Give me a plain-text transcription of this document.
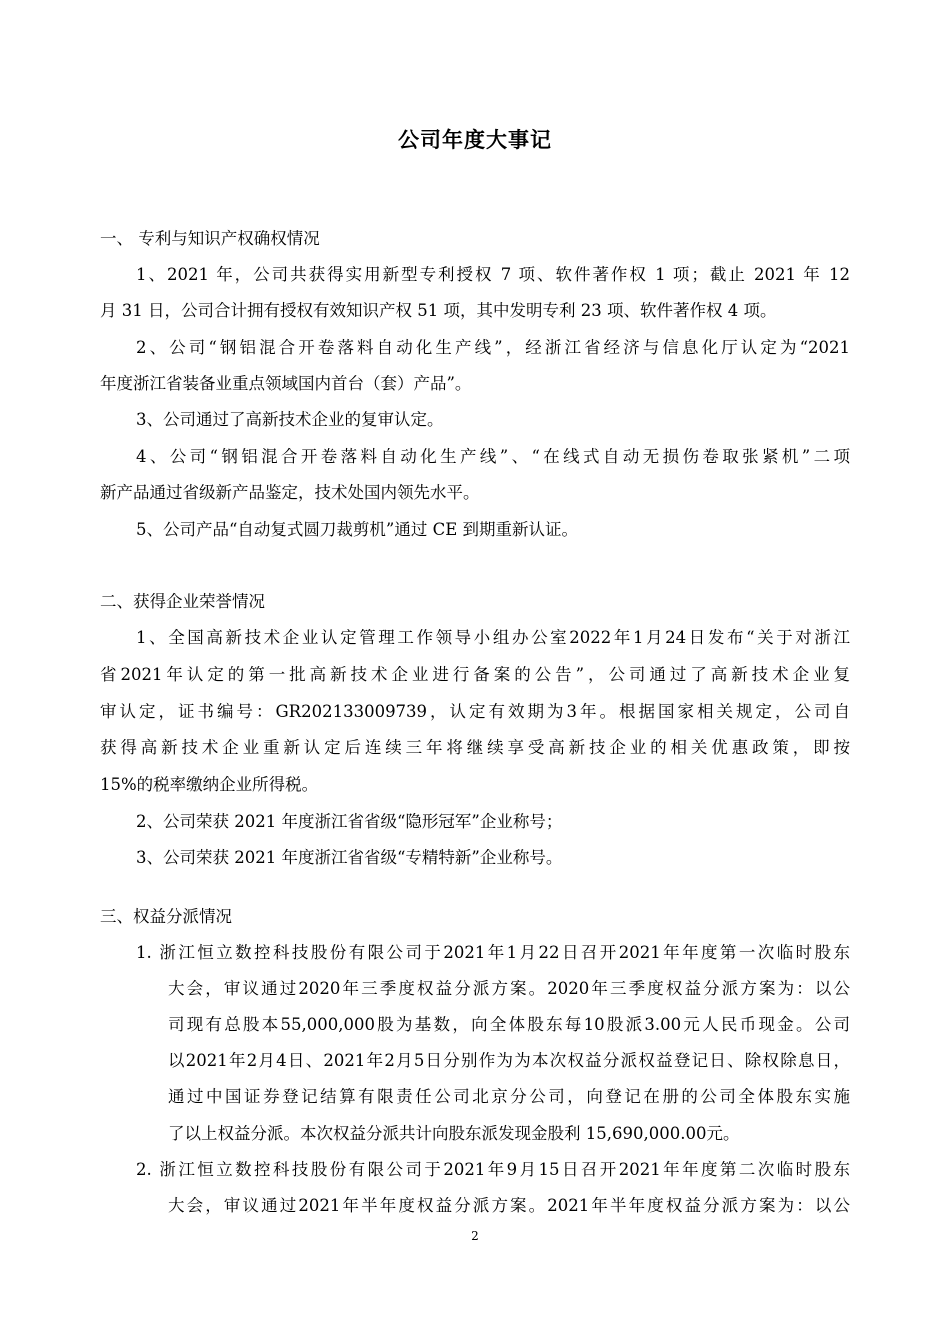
公司年度大事记
一、 专利与知识产权确权情况
1、2021 年，公司共获得实用新型专利授权 7 项、软件著作权 1 项；截止 2021 年 12
月 31 日，公司合计拥有授权有效知识产权 51 项，其中发明专利 23 项、软件著作权 4 项。
2、公司“钢铝混合开卷落料自动化生产线”，经浙江省经济与信息化厅认定为“2021
年度浙江省装备业重点领域国内首台（套）产品”。
3、公司通过了高新技术企业的复审认定。
4、公司“钢铝混合开卷落料自动化生产线”、“在线式自动无损伤卷取张紧机”二项
新产品通过省级新产品鉴定，技术处国内领先水平。
5、公司产品“自动复式圆刀裁剪机”通过 CE 到期重新认证。
二、获得企业荣誉情况
1、全国高新技术企业认定管理工作领导小组办公室2022年1月24日发布“关于对浙江
省2021年认定的第一批高新技术企业进行备案的公告”，公司通过了高新技术企业复
审认定，证书编号：GR202133009739，认定有效期为3年。根据国家相关规定，公司自
获得高新技术企业重新认定后连续三年将继续享受高新技企业的相关优惠政策，即按
15%的税率缴纳企业所得税。
2、公司荣获 2021 年度浙江省省级“隐形冠军”企业称号；
3、公司荣获 2021 年度浙江省省级“专精特新”企业称号。
三、权益分派情况
1. 浙江恒立数控科技股份有限公司于2021年1月22日召开2021年年度第一次临时股东
大会，审议通过2020年三季度权益分派方案。2020年三季度权益分派方案为：以公
司现有总股本55,000,000股为基数，向全体股东每10股派3.00元人民币现金。公司
以2021年2月4日、2021年2月5日分别作为为本次权益分派权益登记日、除权除息日，
通过中国证券登记结算有限责任公司北京分公司，向登记在册的公司全体股东实施
了以上权益分派。本次权益分派共计向股东派发现金股利 15,690,000.00元。
2. 浙江恒立数控科技股份有限公司于2021年9月15日召开2021年年度第二次临时股东
大会，审议通过2021年半年度权益分派方案。2021年半年度权益分派方案为：以公
2
